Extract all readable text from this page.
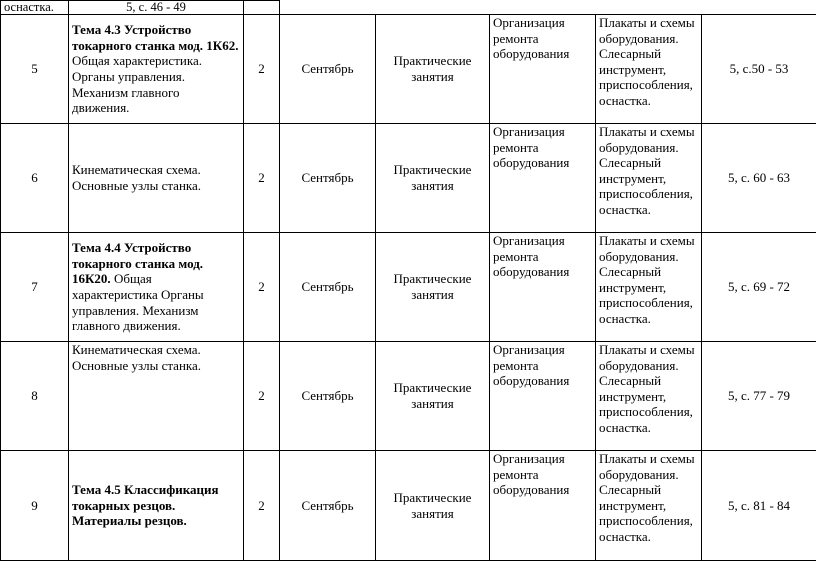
оснастка.	5, с. 46 - 49	
5	Тема 4.3 Устройство токарного станка мод. 1К62. Общая характеристика. Органы управления. Механизм главного движения.	2	Сентябрь	Практические занятия	Организация ремонта оборудования	Плакаты и схемы оборудования. Слесарный инструмент, приспособления, оснастка.	5, с.50 - 53
6	Кинематическая схема. Основные узлы станка.	2	Сентябрь	Практические занятия	Организация ремонта оборудования	Плакаты и схемы оборудования. Слесарный инструмент, приспособления, оснастка.	5, с. 60 - 63
7	Тема 4.4 Устройство токарного станка мод. 16К20. Общая характеристика Органы управления. Механизм главного движения.	2	Сентябрь	Практические занятия	Организация ремонта оборудования	Плакаты и схемы оборудования. Слесарный инструмент, приспособления, оснастка.	5, с. 69 - 72
8	Кинематическая схема. Основные узлы станка.	2	Сентябрь	Практические занятия	Организация ремонта оборудования	Плакаты и схемы оборудования. Слесарный инструмент, приспособления, оснастка.	5, с. 77 - 79
9	Тема 4.5 Классификация токарных резцов. Материалы резцов.	2	Сентябрь	Практические занятия	Организация ремонта оборудования	Плакаты и схемы оборудования. Слесарный инструмент, приспособления, оснастка.	5, с. 81 - 84
